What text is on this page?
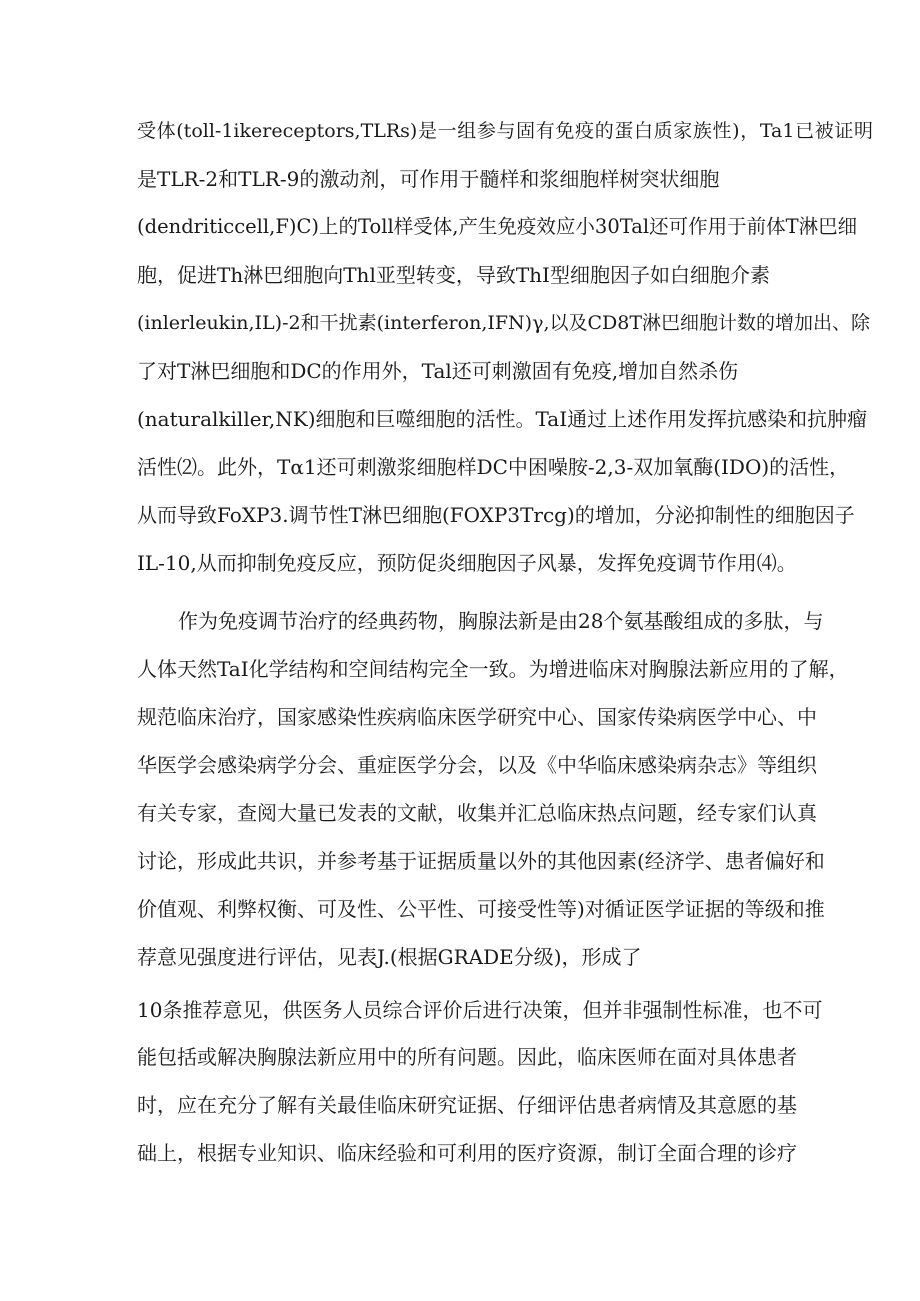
受体(toll-1ikereceptors,TLRs)是一组参与固有免疫的蛋白质家族性)，Ta1已被证明
是TLR-2和TLR-9的激动剂，可作用于髓样和浆细胞样树突状细胞
(dendriticcell,F)C)上的Toll样受体,产生免疫效应小30Tal还可作用于前体T淋巴细
胞，促进Th淋巴细胞向Thl亚型转变，导致ThI型细胞因子如白细胞介素
(inlerleukin,IL)-2和干扰素(interferon,IFN)γ,以及CD8T淋巴细胞计数的增加出、除
了对T淋巴细胞和DC的作用外，Tal还可刺激固有免疫,增加自然杀伤
(naturalkiller,NK)细胞和巨噬细胞的活性。TaI通过上述作用发挥抗感染和抗肿瘤
活性⑵。此外，Tα1还可刺激浆细胞样DC中困噪胺-2,3-双加氧酶(IDO)的活性，
从而导致FoXP3.调节性T淋巴细胞(FOXP3Trcg)的增加，分泌抑制性的细胞因子
IL-10,从而抑制免疫反应，预防促炎细胞因子风暴，发挥免疫调节作用⑷。
作为免疫调节治疗的经典药物，胸腺法新是由28个氨基酸组成的多肽，与
人体天然TaI化学结构和空间结构完全一致。为增进临床对胸腺法新应用的了解，
规范临床治疗，国家感染性疾病临床医学研究中心、国家传染病医学中心、中
华医学会感染病学分会、重症医学分会，以及《中华临床感染病杂志》等组织
有关专家，查阅大量已发表的文献，收集并汇总临床热点问题，经专家们认真
讨论，形成此共识，并参考基于证据质量以外的其他因素(经济学、患者偏好和
价值观、利弊权衡、可及性、公平性、可接受性等)对循证医学证据的等级和推
荐意见强度进行评估，见表J.(根据GRADE分级)，形成了
10条推荐意见，供医务人员综合评价后进行决策，但并非强制性标准，也不可
能包括或解决胸腺法新应用中的所有问题。因此，临床医师在面对具体患者
时，应在充分了解有关最佳临床研究证据、仔细评估患者病情及其意愿的基
础上，根据专业知识、临床经验和可利用的医疗资源，制订全面合理的诊疗
